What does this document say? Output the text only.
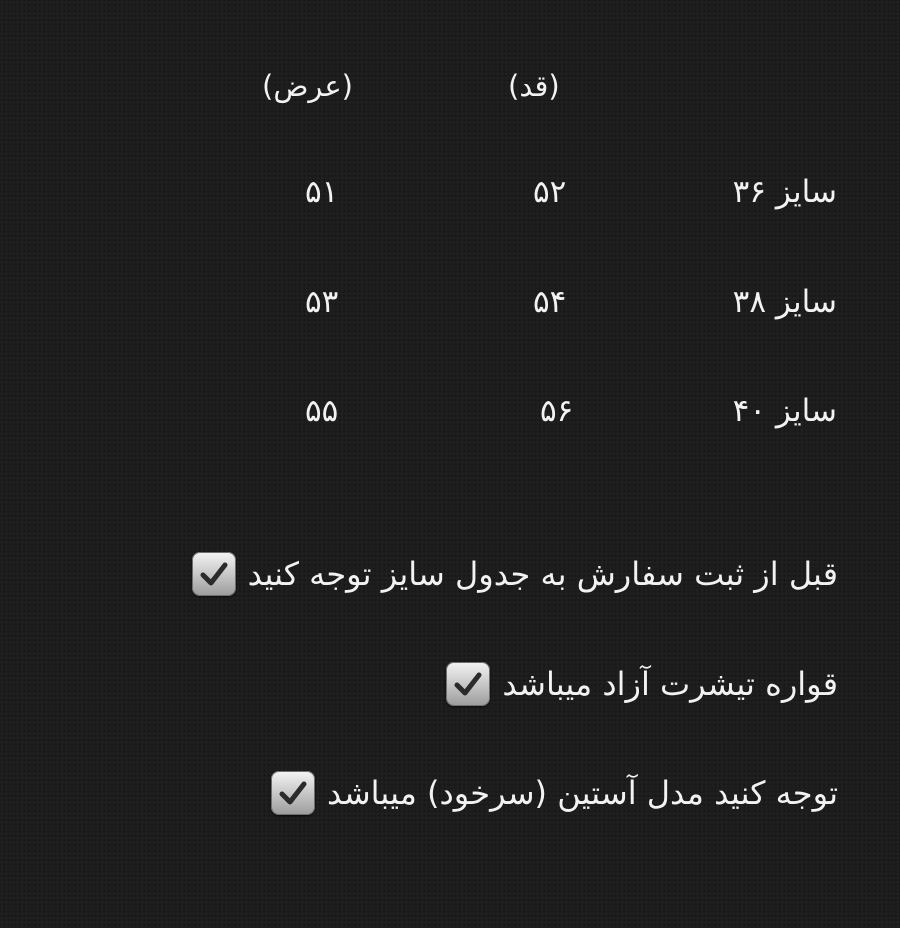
(عرض)	(قد)
سایز ۳۶
۵۲
۵۱
سایز ۳۸
۵۴
۵۳
سایز ۴۰
۵۶
۵۵
قبل از ثبت سفارش به جدول سایز توجه کنید
قواره تیشرت آزاد میباشد
توجه کنید مدل آستین (سرخود) میباشد
